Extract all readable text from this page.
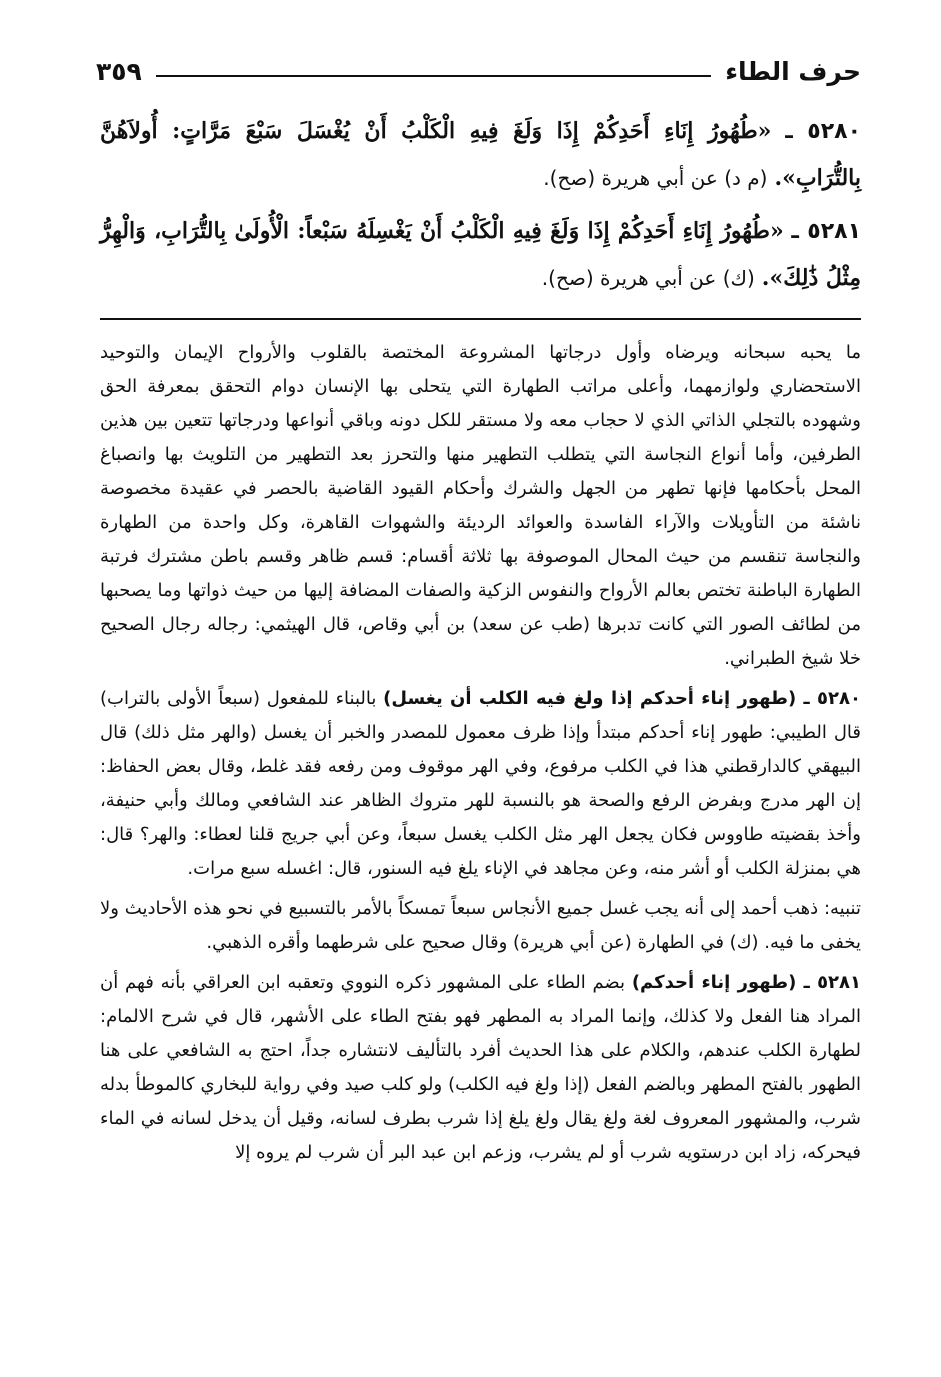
حرف الطاء
٣٥٩
٥٢٨٠ ـ «طُهُورُ إِنَاءِ أَحَدِكُمْ إِذَا وَلَغَ فِيهِ الْكَلْبُ أَنْ يُغْسَلَ سَبْعَ مَرَّاتٍ: أُولاَهُنَّ بِالتُّرَابِ». (م د) عن أبي هريرة (صح).
٥٢٨١ ـ «طُهُورُ إِنَاءِ أَحَدِكُمْ إِذَا وَلَغَ فِيهِ الْكَلْبُ أَنْ يَغْسِلَهُ سَبْعاً: الْأُولَىٰ بِالتُّرَابِ، وَالْهِرُّ مِثْلُ ذَٰلِكَ». (ك) عن أبي هريرة (صح).

ما يحبه سبحانه ويرضاه وأول درجاتها المشروعة المختصة بالقلوب والأرواح الإيمان والتوحيد الاستحضاري ولوازمهما، وأعلى مراتب الطهارة التي يتحلى بها الإنسان دوام التحقق بمعرفة الحق وشهوده بالتجلي الذاتي الذي لا حجاب معه ولا مستقر للكل دونه وباقي أنواعها ودرجاتها تتعين بين هذين الطرفين، وأما أنواع النجاسة التي يتطلب التطهير منها والتحرز بعد التطهير من التلويث بها وانصباغ المحل بأحكامها فإنها تطهر من الجهل والشرك وأحكام القيود القاضية بالحصر في عقيدة مخصوصة ناشئة من التأويلات والآراء الفاسدة والعوائد الرديئة والشهوات القاهرة، وكل واحدة من الطهارة والنجاسة تنقسم من حيث المحال الموصوفة بها ثلاثة أقسام: قسم ظاهر وقسم باطن مشترك فرتبة الطهارة الباطنة تختص بعالم الأرواح والنفوس الزكية والصفات المضافة إليها من حيث ذواتها وما يصحبها من لطائف الصور التي كانت تدبرها (طب عن سعد) بن أبي وقاص، قال الهيثمي: رجاله رجال الصحيح خلا شيخ الطبراني.

٥٢٨٠ ـ (طهور إناء أحدكم إذا ولغ فيه الكلب أن يغسل) بالبناء للمفعول (سبعاً الأولى بالتراب) قال الطيبي: طهور إناء أحدكم مبتدأ وإذا ظرف معمول للمصدر والخبر أن يغسل (والهر مثل ذلك) قال البيهقي كالدارقطني هذا في الكلب مرفوع، وفي الهر موقوف ومن رفعه فقد غلط، وقال بعض الحفاظ: إن الهر مدرج وبفرض الرفع والصحة هو بالنسبة للهر متروك الظاهر عند الشافعي ومالك وأبي حنيفة، وأخذ بقضيته طاووس فكان يجعل الهر مثل الكلب يغسل سبعاً، وعن أبي جريج قلنا لعطاء: والهر؟ قال: هي بمنزلة الكلب أو أشر منه، وعن مجاهد في الإناء يلغ فيه السنور، قال: اغسله سبع مرات.

تنبيه: ذهب أحمد إلى أنه يجب غسل جميع الأنجاس سبعاً تمسكاً بالأمر بالتسبيع في نحو هذه الأحاديث ولا يخفى ما فيه. (ك) في الطهارة (عن أبي هريرة) وقال صحيح على شرطهما وأقره الذهبي.

٥٢٨١ ـ (طهور إناء أحدكم) بضم الطاء على المشهور ذكره النووي وتعقبه ابن العراقي بأنه فهم أن المراد هنا الفعل ولا كذلك، وإنما المراد به المطهر فهو بفتح الطاء على الأشهر، قال في شرح الالمام: لطهارة الكلب عندهم، والكلام على هذا الحديث أفرد بالتأليف لانتشاره جداً، احتج به الشافعي على هنا الطهور بالفتح المطهر وبالضم الفعل (إذا ولغ فيه الكلب) ولو كلب صيد وفي رواية للبخاري كالموطأ بدله شرب، والمشهور المعروف لغة ولغ يقال ولغ يلغ إذا شرب بطرف لسانه، وقيل أن يدخل لسانه في الماء فيحركه، زاد ابن درستويه شرب أو لم يشرب، وزعم ابن عبد البر أن شرب لم يروه إلا
